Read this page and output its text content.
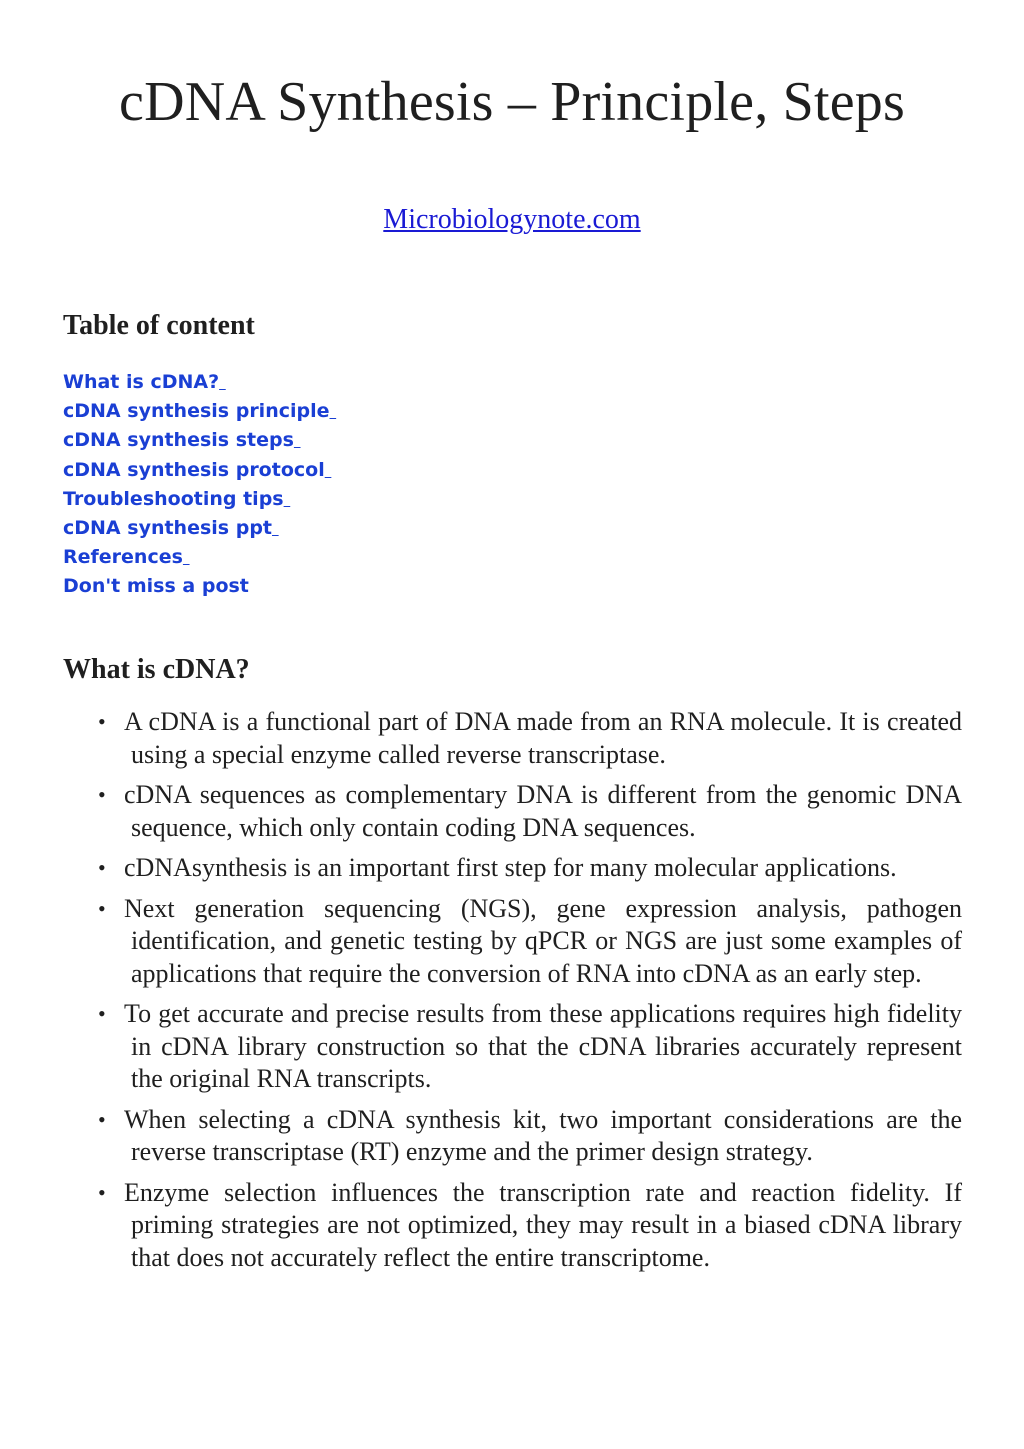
cDNA Synthesis – Principle, Steps
Microbiologynote.com
Table of content
What is cDNA?
cDNA synthesis principle
cDNA synthesis steps
cDNA synthesis protocol
Troubleshooting tips
cDNA synthesis ppt
References
Don't miss a post
What is cDNA?
• A cDNA is a functional part of DNA made from an RNA molecule. It is created using a special enzyme called reverse transcriptase.
• cDNA sequences as complementary DNA is different from the genomic DNA sequence, which only contain coding DNA sequences.
• cDNAsynthesis is an important first step for many molecular applications.
• Next generation sequencing (NGS), gene expression analysis, pathogen identification, and genetic testing by qPCR or NGS are just some examples of applications that require the conversion of RNA into cDNA as an early step.
• To get accurate and precise results from these applications requires high fidelity in cDNA library construction so that the cDNA libraries accurately represent the original RNA transcripts.
• When selecting a cDNA synthesis kit, two important considerations are the reverse transcriptase (RT) enzyme and the primer design strategy.
• Enzyme selection influences the transcription rate and reaction fidelity. If priming strategies are not optimized, they may result in a biased cDNA library that does not accurately reflect the entire transcriptome.
